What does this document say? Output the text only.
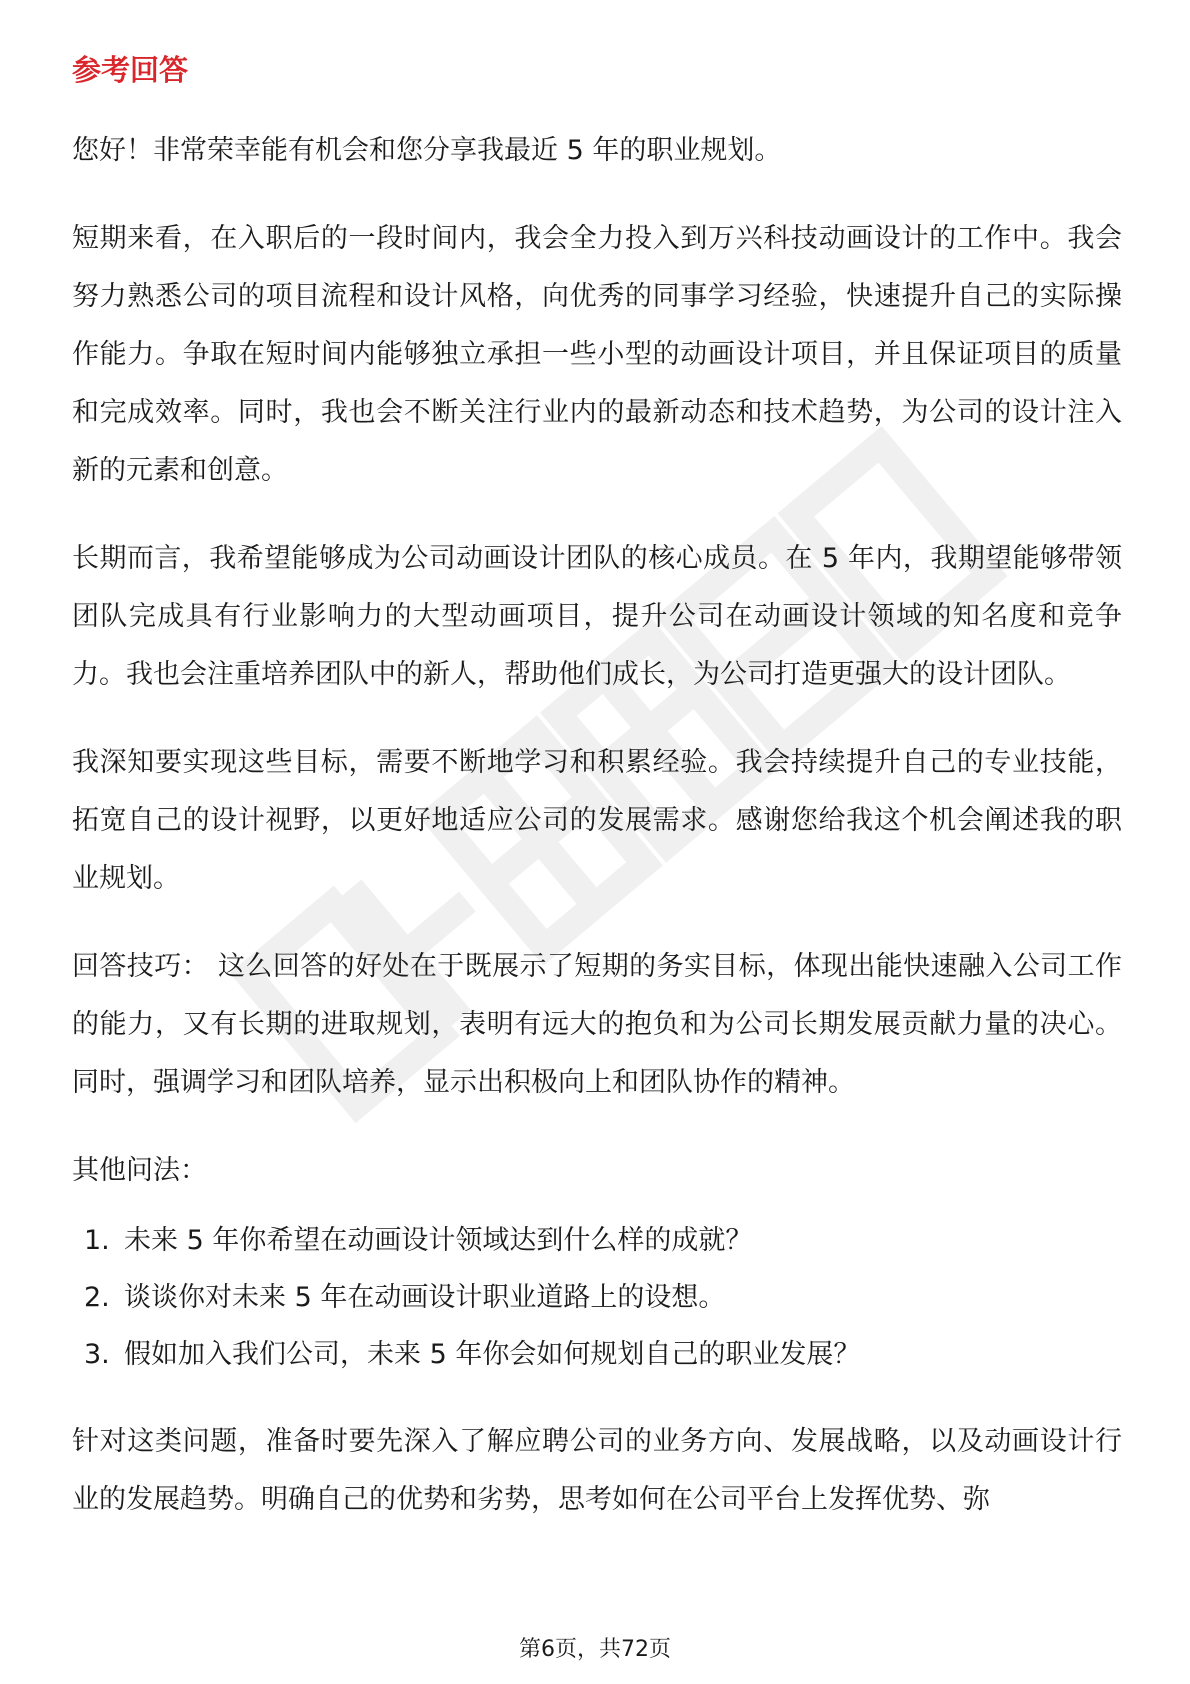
参考回答

您好！非常荣幸能有机会和您分享我最近 5 年的职业规划。

短期来看，在入职后的一段时间内，我会全力投入到万兴科技动画设计的工作中。我会努力熟悉公司的项目流程和设计风格，向优秀的同事学习经验，快速提升自己的实际操作能力。争取在短时间内能够独立承担一些小型的动画设计项目，并且保证项目的质量和完成效率。同时，我也会不断关注行业内的最新动态和技术趋势，为公司的设计注入新的元素和创意。

长期而言，我希望能够成为公司动画设计团队的核心成员。在 5 年内，我期望能够带领团队完成具有行业影响力的大型动画项目，提升公司在动画设计领域的知名度和竞争力。我也会注重培养团队中的新人，帮助他们成长，为公司打造更强大的设计团队。

我深知要实现这些目标，需要不断地学习和积累经验。我会持续提升自己的专业技能，拓宽自己的设计视野，以更好地适应公司的发展需求。感谢您给我这个机会阐述我的职业规划。

回答技巧： 这么回答的好处在于既展示了短期的务实目标，体现出能快速融入公司工作的能力，又有长期的进取规划，表明有远大的抱负和为公司长期发展贡献力量的决心。同时，强调学习和团队培养，显示出积极向上和团队协作的精神。

其他问法：

1. 未来 5 年你希望在动画设计领域达到什么样的成就？
2. 谈谈你对未来 5 年在动画设计职业道路上的设想。
3. 假如加入我们公司，未来 5 年你会如何规划自己的职业发展？

针对这类问题，准备时要先深入了解应聘公司的业务方向、发展战略，以及动画设计行业的发展趋势。明确自己的优势和劣势，思考如何在公司平台上发挥优势、弥

第6页，共72页
